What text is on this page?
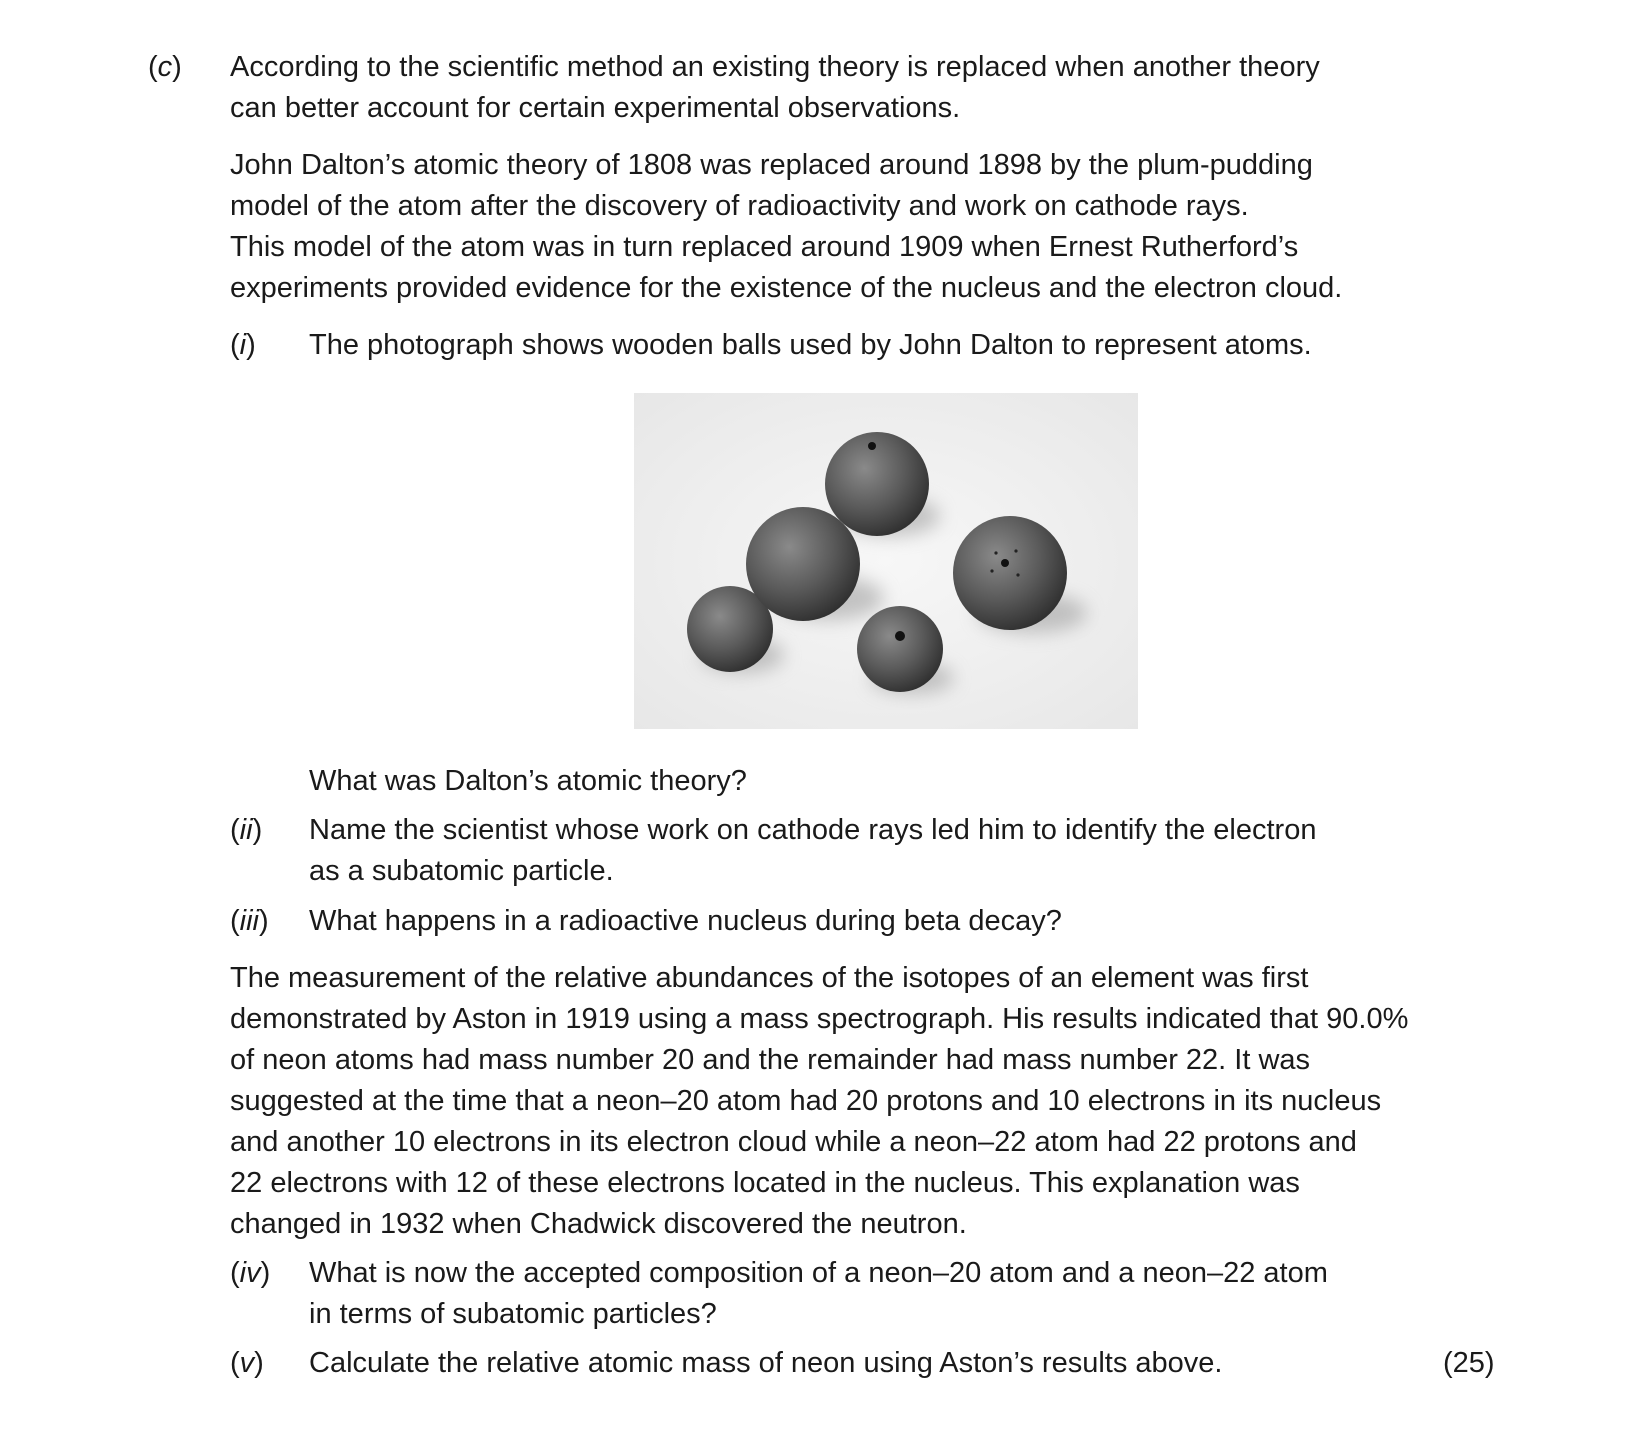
(c) According to the scientific method an existing theory is replaced when another theory
can better account for certain experimental observations.
John Dalton’s atomic theory of 1808 was replaced around 1898 by the plum-pudding
model of the atom after the discovery of radioactivity and work on cathode rays.
This model of the atom was in turn replaced around 1909 when Ernest Rutherford’s
experiments provided evidence for the existence of the nucleus and the electron cloud.
(i) The photograph shows wooden balls used by John Dalton to represent atoms.
What was Dalton’s atomic theory?
(ii) Name the scientist whose work on cathode rays led him to identify the electron
as a subatomic particle.
(iii) What happens in a radioactive nucleus during beta decay?
The measurement of the relative abundances of the isotopes of an element was first
demonstrated by Aston in 1919 using a mass spectrograph. His results indicated that 90.0%
of neon atoms had mass number 20 and the remainder had mass number 22. It was
suggested at the time that a neon–20 atom had 20 protons and 10 electrons in its nucleus
and another 10 electrons in its electron cloud while a neon–22 atom had 22 protons and
22 electrons with 12 of these electrons located in the nucleus. This explanation was
changed in 1932 when Chadwick discovered the neutron.
(iv) What is now the accepted composition of a neon–20 atom and a neon–22 atom
in terms of subatomic particles?
(v) Calculate the relative atomic mass of neon using Aston’s results above.	(25)
